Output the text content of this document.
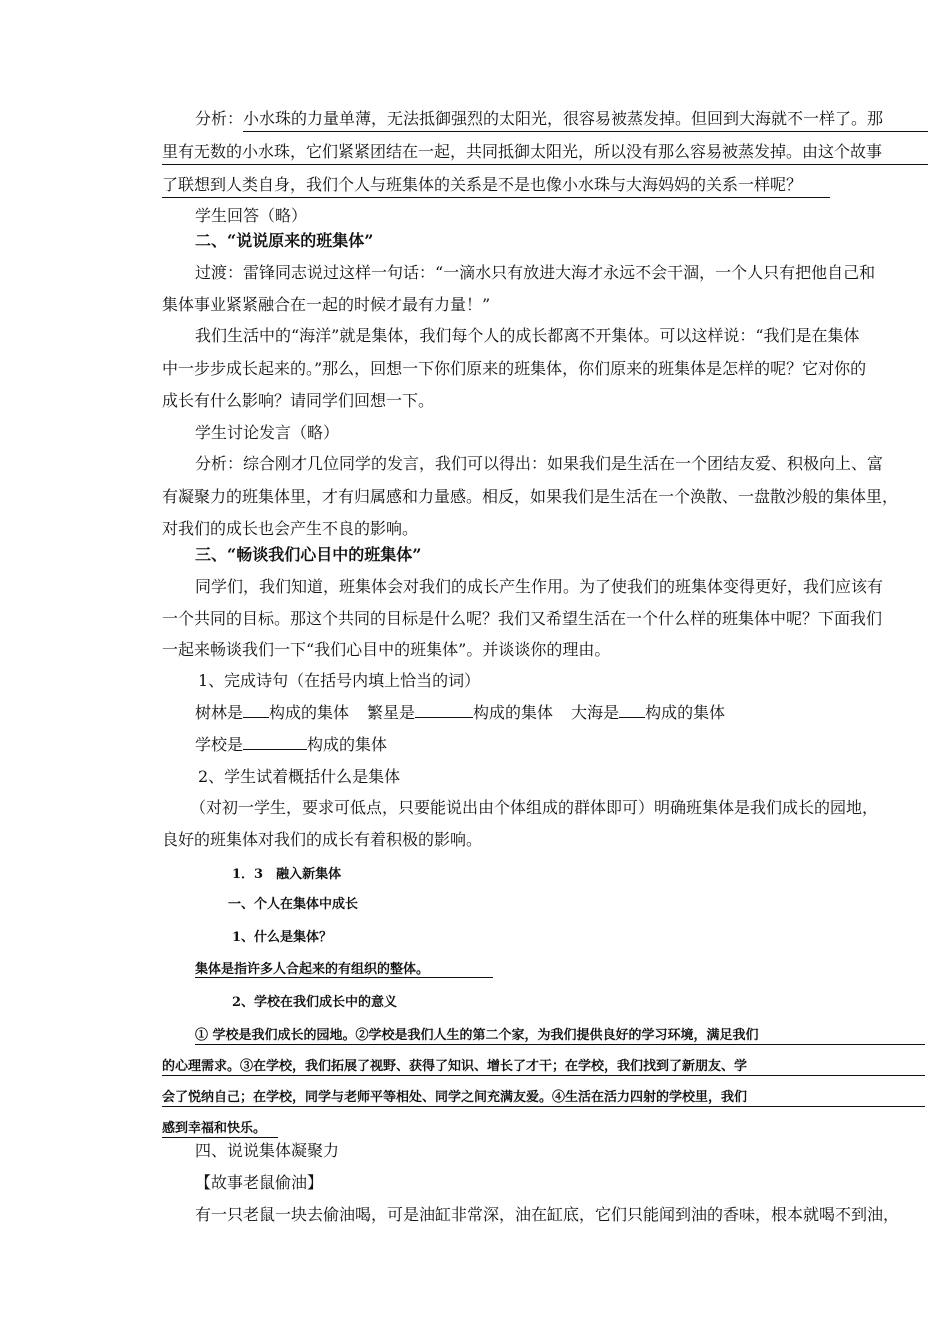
分析：小水珠的力量单薄，无法抵御强烈的太阳光，很容易被蒸发掉。但回到大海就不一样了。那
里有无数的小水珠，它们紧紧团结在一起，共同抵御太阳光，所以没有那么容易被蒸发掉。由这个故事
了联想到人类自身，我们个人与班集体的关系是不是也像小水珠与大海妈妈的关系一样呢？
学生回答（略）
二、“说说原来的班集体”
过渡：雷锋同志说过这样一句话：“一滴水只有放进大海才永远不会干涸，一个人只有把他自己和
集体事业紧紧融合在一起的时候才最有力量！”
我们生活中的“海洋”就是集体，我们每个人的成长都离不开集体。可以这样说：“我们是在集体
中一步步成长起来的。”那么，回想一下你们原来的班集体，你们原来的班集体是怎样的呢？它对你的
成长有什么影响？请同学们回想一下。
学生讨论发言（略）
分析：综合刚才几位同学的发言，我们可以得出：如果我们是生活在一个团结友爱、积极向上、富
有凝聚力的班集体里，才有归属感和力量感。相反，如果我们是生活在一个涣散、一盘散沙般的集体里，
对我们的成长也会产生不良的影响。
三、“畅谈我们心目中的班集体”
同学们，我们知道，班集体会对我们的成长产生作用。为了使我们的班集体变得更好，我们应该有
一个共同的目标。那这个共同的目标是什么呢？我们又希望生活在一个什么样的班集体中呢？下面我们
一起来畅谈我们一下“我们心目中的班集体”。并谈谈你的理由。
1、完成诗句（在括号内填上恰当的词）
树林是 构成的集体 繁星是	构成的集体 大海是 构成的集体
学校是	构成的集体
2、学生试着概括什么是集体
（对初一学生，要求可低点，只要能说出由个体组成的群体即可）明确班集体是我们成长的园地，
良好的班集体对我们的成长有着积极的影响。
1．3　融入新集体
一、个人在集体中成长
1、什么是集体？
集体是指许多人合起来的有组织的整体。
2、学校在我们成长中的意义
① 学校是我们成长的园地。②学校是我们人生的第二个家，为我们提供良好的学习环境，满足我们
的心理需求。③在学校，我们拓展了视野、获得了知识、增长了才干；在学校，我们找到了新朋友、学
会了悦纳自己；在学校，同学与老师平等相处、同学之间充满友爱。④生活在活力四射的学校里，我们
感到幸福和快乐。
四、说说集体凝聚力
【故事老鼠偷油】
有一只老鼠一块去偷油喝，可是油缸非常深，油在缸底，它们只能闻到油的香味，根本就喝不到油，
